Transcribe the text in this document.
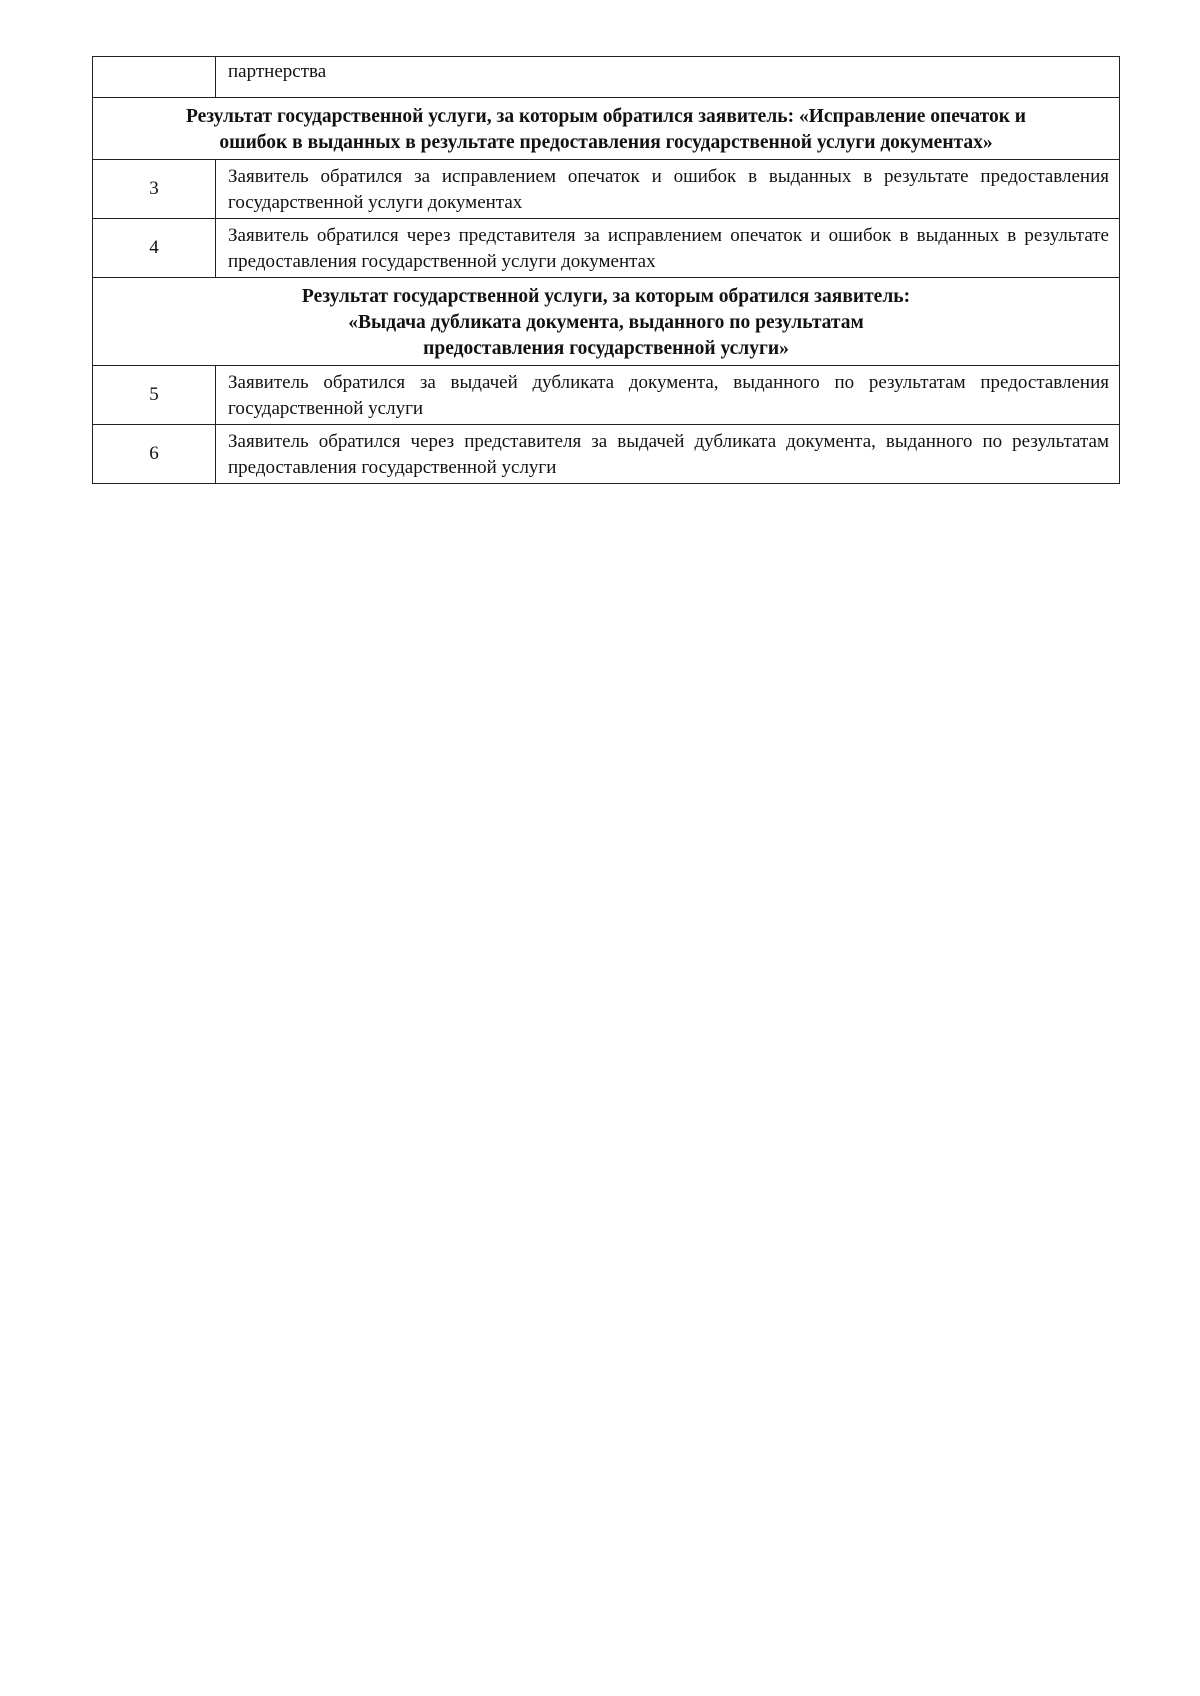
	партнерства

Результат государственной услуги, за которым обратился заявитель: «Исправление опечаток и
ошибок в выданных в результате предоставления государственной услуги документах»	

3	Заявитель обратился за исправлением опечаток и ошибок в выданных в результате предоставления государственной услуги документах
4	Заявитель обратился через представителя за исправлением опечаток и ошибок в выданных в результате предоставления государственной услуги документах

Результат государственной услуги, за которым обратился заявитель:
«Выдача дубликата документа, выданного по результатам
предоставления государственной услуги»	

5	Заявитель обратился за выдачей дубликата документа, выданного по результатам предоставления государственной услуги
6	Заявитель обратился через представителя за выдачей дубликата документа, выданного по результатам предоставления государственной услуги
